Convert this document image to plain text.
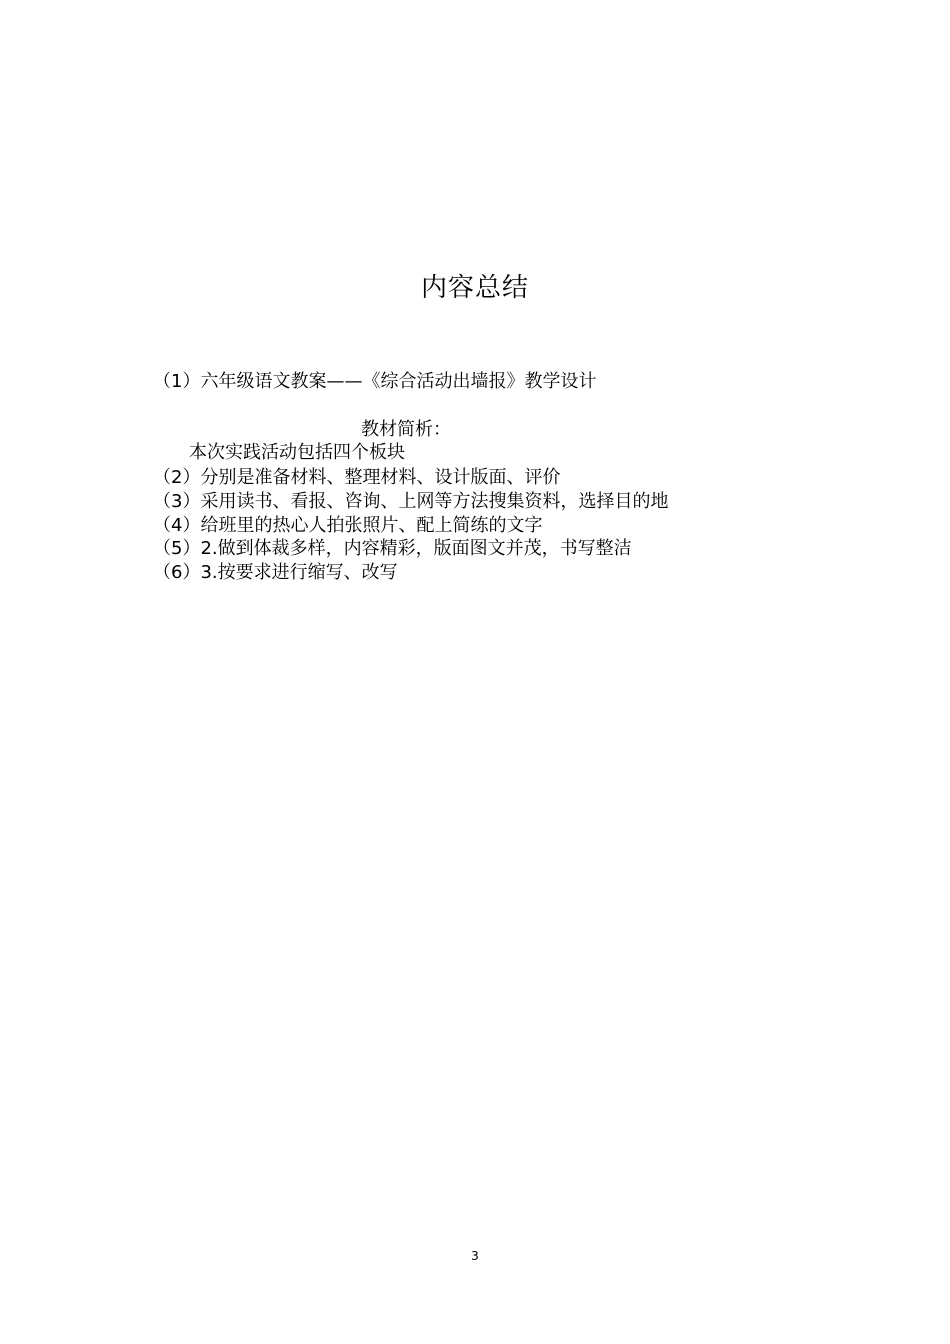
内容总结
（1）六年级语文教案——《综合活动出墙报》教学设计
教材简析：
本次实践活动包括四个板块
（2）分别是准备材料、整理材料、设计版面、评价
（3）采用读书、看报、咨询、上网等方法搜集资料，选择目的地
（4）给班里的热心人拍张照片、配上简练的文字
（5）2.做到体裁多样，内容精彩，版面图文并茂，书写整洁
（6）3.按要求进行缩写、改写
3
